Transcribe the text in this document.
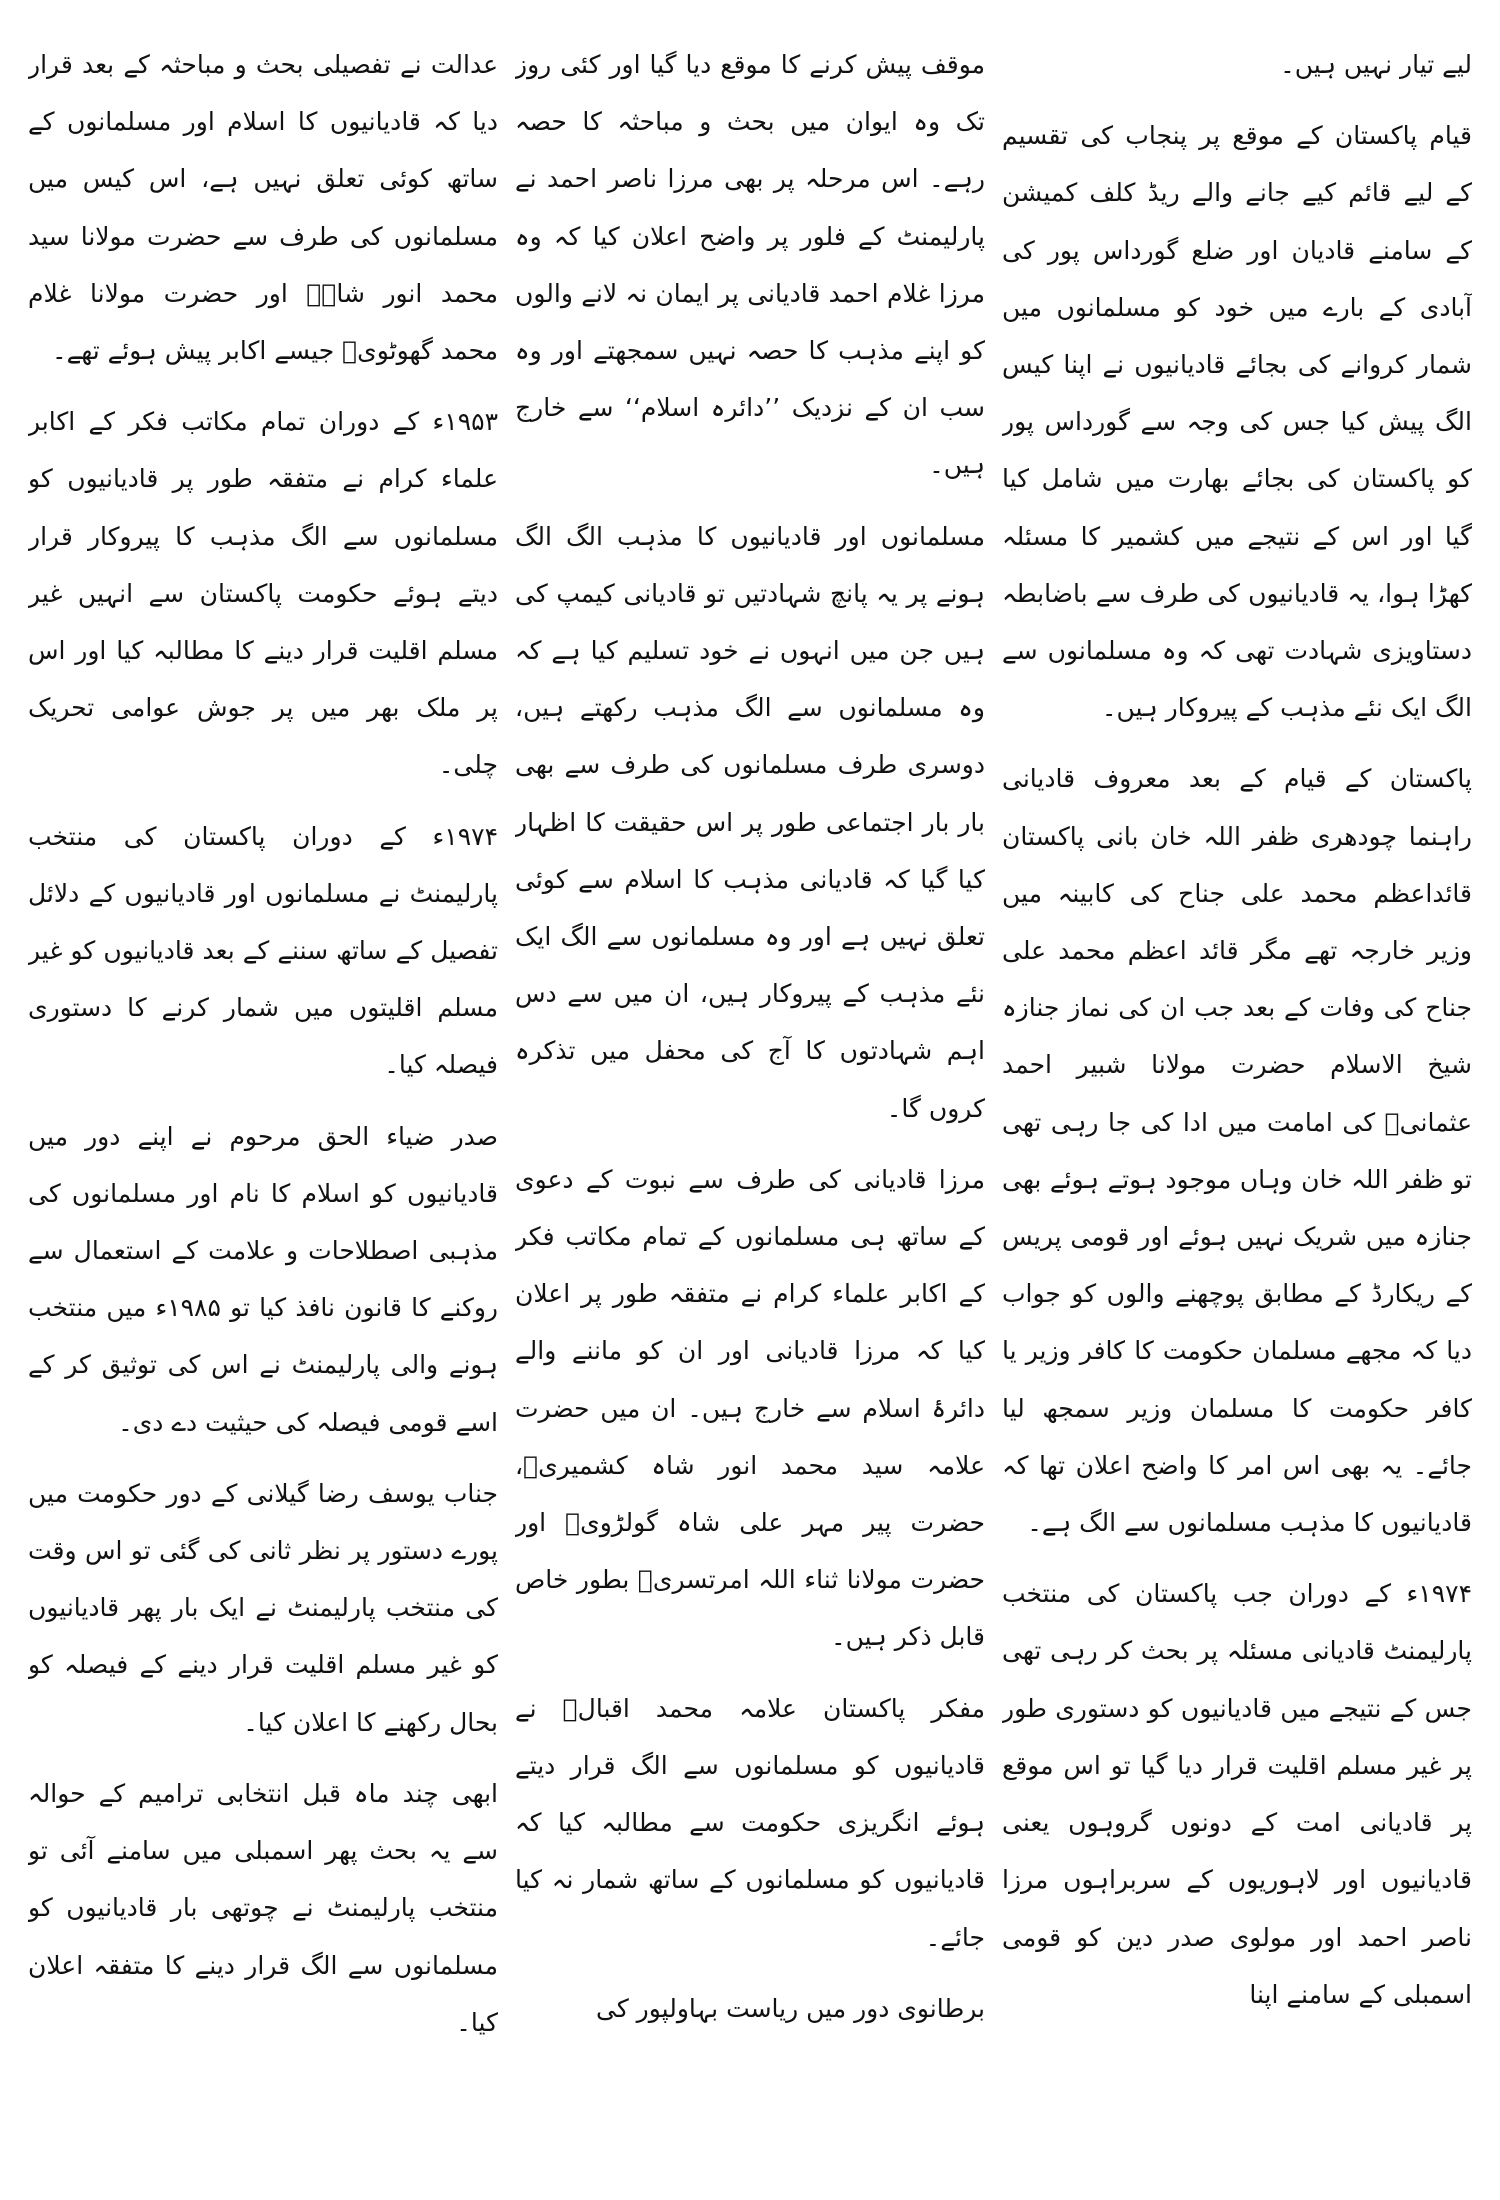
لیے تیار نہیں ہیں۔

قیام پاکستان کے موقع پر پنجاب کی تقسیم کے لیے قائم کیے جانے والے ریڈ کلف کمیشن کے سامنے قادیان اور ضلع گورداس پور کی آبادی کے بارے میں خود کو مسلمانوں میں شمار کروانے کی بجائے قادیانیوں نے اپنا کیس الگ پیش کیا جس کی وجہ سے گورداس پور کو پاکستان کی بجائے بھارت میں شامل کیا گیا اور اس کے نتیجے میں کشمیر کا مسئلہ کھڑا ہوا، یہ قادیانیوں کی طرف سے باضابطہ دستاویزی شہادت تھی کہ وہ مسلمانوں سے الگ ایک نئے مذہب کے پیروکار ہیں۔

پاکستان کے قیام کے بعد معروف قادیانی راہنما چودھری ظفر اللہ خان بانی پاکستان قائداعظم محمد علی جناح کی کابینہ میں وزیر خارجہ تھے مگر قائد اعظم محمد علی جناح کی وفات کے بعد جب ان کی نماز جنازہ شیخ الاسلام حضرت مولانا شبیر احمد عثمانیؒ کی امامت میں ادا کی جا رہی تھی تو ظفر اللہ خان وہاں موجود ہوتے ہوئے بھی جنازہ میں شریک نہیں ہوئے اور قومی پریس کے ریکارڈ کے مطابق پوچھنے والوں کو جواب دیا کہ مجھے مسلمان حکومت کا کافر وزیر یا کافر حکومت کا مسلمان وزیر سمجھ لیا جائے۔ یہ بھی اس امر کا واضح اعلان تھا کہ قادیانیوں کا مذہب مسلمانوں سے الگ ہے۔

۱۹۷۴ء کے دوران جب پاکستان کی منتخب پارلیمنٹ قادیانی مسئلہ پر بحث کر رہی تھی جس کے نتیجے میں قادیانیوں کو دستوری طور پر غیر مسلم اقلیت قرار دیا گیا تو اس موقع پر قادیانی امت کے دونوں گروہوں یعنی قادیانیوں اور لاہوریوں کے سربراہوں مرزا ناصر احمد اور مولوی صدر دین کو قومی اسمبلی کے سامنے اپنا

موقف پیش کرنے کا موقع دیا گیا اور کئی روز تک وہ ایوان میں بحث و مباحثہ کا حصہ رہے۔ اس مرحلہ پر بھی مرزا ناصر احمد نے پارلیمنٹ کے فلور پر واضح اعلان کیا کہ وہ مرزا غلام احمد قادیانی پر ایمان نہ لانے والوں کو اپنے مذہب کا حصہ نہیں سمجھتے اور وہ سب ان کے نزدیک ’’دائرہ اسلام‘‘ سے خارج ہیں۔

مسلمانوں اور قادیانیوں کا مذہب الگ الگ ہونے پر یہ پانچ شہادتیں تو قادیانی کیمپ کی ہیں جن میں انہوں نے خود تسلیم کیا ہے کہ وہ مسلمانوں سے الگ مذہب رکھتے ہیں، دوسری طرف مسلمانوں کی طرف سے بھی بار بار اجتماعی طور پر اس حقیقت کا اظہار کیا گیا کہ قادیانی مذہب کا اسلام سے کوئی تعلق نہیں ہے اور وہ مسلمانوں سے الگ ایک نئے مذہب کے پیروکار ہیں، ان میں سے دس اہم شہادتوں کا آج کی محفل میں تذکرہ کروں گا۔

مرزا قادیانی کی طرف سے نبوت کے دعوی کے ساتھ ہی مسلمانوں کے تمام مکاتب فکر کے اکابر علماء کرام نے متفقہ طور پر اعلان کیا کہ مرزا قادیانی اور ان کو ماننے والے دائرۂ اسلام سے خارج ہیں۔ ان میں حضرت علامہ سید محمد انور شاہ کشمیریؒ، حضرت پیر مہر علی شاہ گولڑویؒ اور حضرت مولانا ثناء اللہ امرتسریؒ بطور خاص قابل ذکر ہیں۔

مفکر پاکستان علامہ محمد اقبالؒ نے قادیانیوں کو مسلمانوں سے الگ قرار دیتے ہوئے انگریزی حکومت سے مطالبہ کیا کہ قادیانیوں کو مسلمانوں کے ساتھ شمار نہ کیا جائے۔

برطانوی دور میں ریاست بہاولپور کی

عدالت نے تفصیلی بحث و مباحثہ کے بعد قرار دیا کہ قادیانیوں کا اسلام اور مسلمانوں کے ساتھ کوئی تعلق نہیں ہے، اس کیس میں مسلمانوں کی طرف سے حضرت مولانا سید محمد انور شاہؒ اور حضرت مولانا غلام محمد گھوٹویؒ جیسے اکابر پیش ہوئے تھے۔

۱۹۵۳ء کے دوران تمام مکاتب فکر کے اکابر علماء کرام نے متفقہ طور پر قادیانیوں کو مسلمانوں سے الگ مذہب کا پیروکار قرار دیتے ہوئے حکومت پاکستان سے انہیں غیر مسلم اقلیت قرار دینے کا مطالبہ کیا اور اس پر ملک بھر میں پر جوش عوامی تحریک چلی۔

۱۹۷۴ء کے دوران پاکستان کی منتخب پارلیمنٹ نے مسلمانوں اور قادیانیوں کے دلائل تفصیل کے ساتھ سننے کے بعد قادیانیوں کو غیر مسلم اقلیتوں میں شمار کرنے کا دستوری فیصلہ کیا۔

صدر ضیاء الحق مرحوم نے اپنے دور میں قادیانیوں کو اسلام کا نام اور مسلمانوں کی مذہبی اصطلاحات و علامت کے استعمال سے روکنے کا قانون نافذ کیا تو ۱۹۸۵ء میں منتخب ہونے والی پارلیمنٹ نے اس کی توثیق کر کے اسے قومی فیصلہ کی حیثیت دے دی۔

جناب یوسف رضا گیلانی کے دور حکومت میں پورے دستور پر نظر ثانی کی گئی تو اس وقت کی منتخب پارلیمنٹ نے ایک بار پھر قادیانیوں کو غیر مسلم اقلیت قرار دینے کے فیصلہ کو بحال رکھنے کا اعلان کیا۔

ابھی چند ماہ قبل انتخابی ترامیم کے حوالہ سے یہ بحث پھر اسمبلی میں سامنے آئی تو منتخب پارلیمنٹ نے چوتھی بار قادیانیوں کو مسلمانوں سے الگ قرار دینے کا متفقہ اعلان کیا۔
